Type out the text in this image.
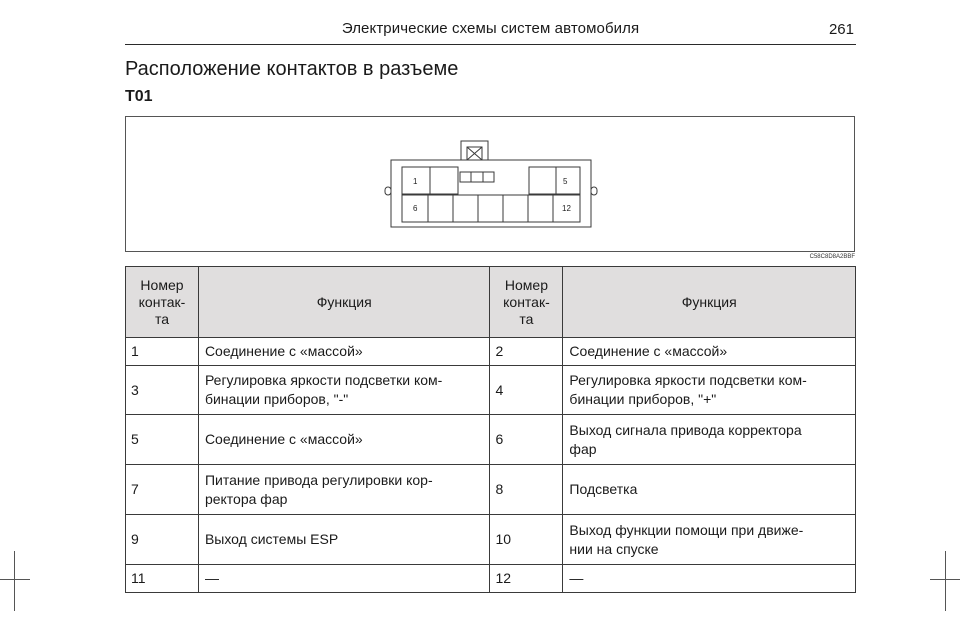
Электрические схемы систем автомобиля	261
Расположение контактов в разъеме
T01
1	5
6	12
C58C8D8A2BBF
Номер
контак-
та	Функция	Номер
контак-
та	Функция
1	Соединение с «массой»	2	Соединение с «массой»
3	Регулировка яркости подсветки ком-
бинации приборов, "-"	4	Регулировка яркости подсветки ком-
бинации приборов, "+"
5	Соединение с «массой»	6	Выход сигнала привода корректора
фар
7	Питание привода регулировки кор-
ректора фар	8	Подсветка
9	Выход системы ESP	10	Выход функции помощи при движе-
нии на спуске
11	—	12	—
